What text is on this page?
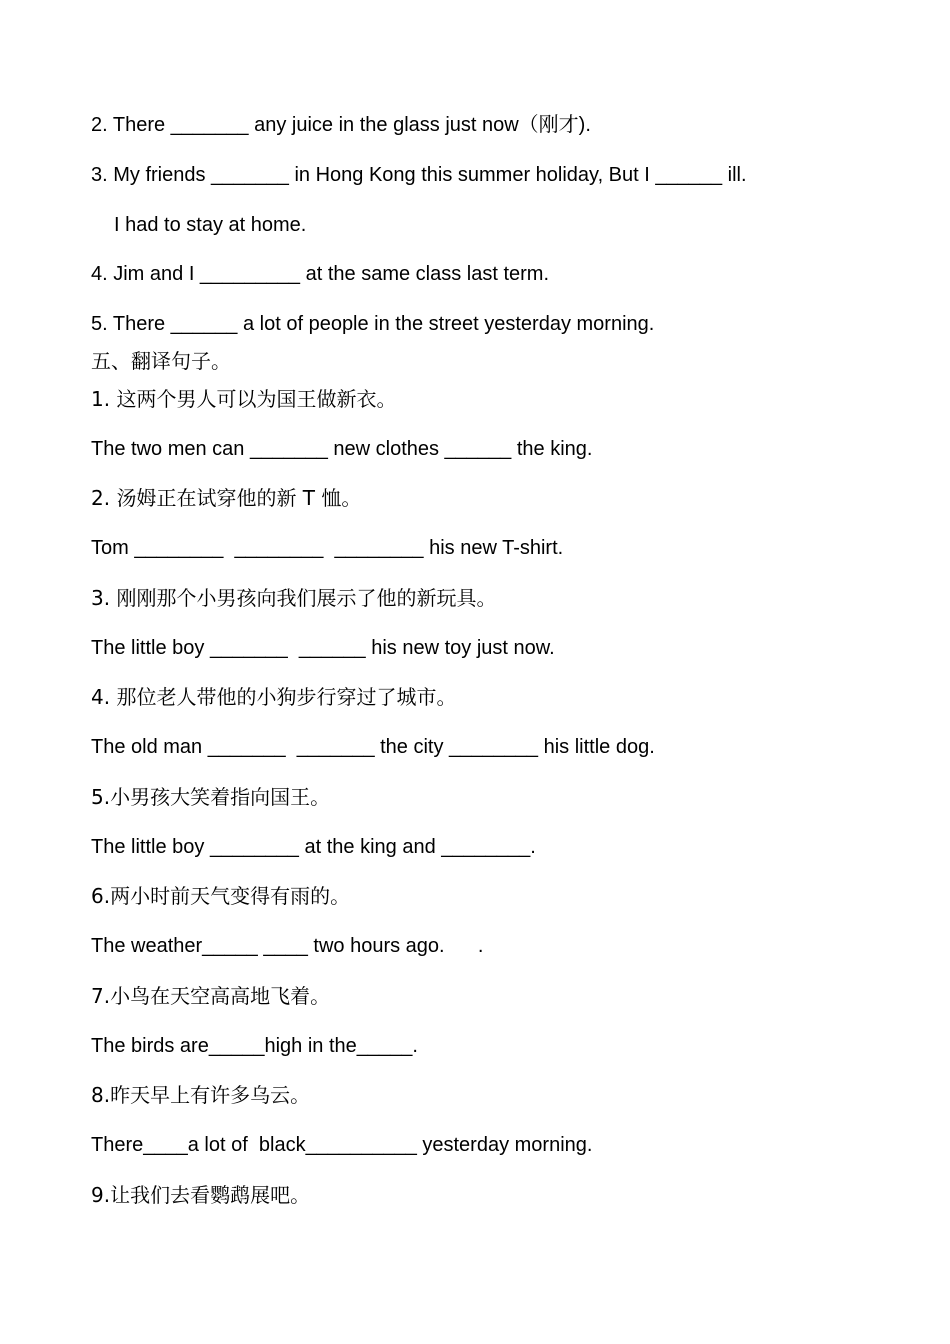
2. There _______ any juice in the glass just now（刚才).
3. My friends _______ in Hong Kong this summer holiday, But I ______ ill.
I had to stay at home.
4. Jim and I _________ at the same class last term.
5. There ______ a lot of people in the street yesterday morning.
五、翻译句子。
1. 这两个男人可以为国王做新衣。
The two men can _______ new clothes ______ the king.
2. 汤姆正在试穿他的新 T 恤。
Tom ________  ________  ________ his new T-shirt.
3. 刚刚那个小男孩向我们展示了他的新玩具。
The little boy _______  ______ his new toy just now.
4. 那位老人带他的小狗步行穿过了城市。
The old man _______  _______ the city ________ his little dog.
5.小男孩大笑着指向国王。
The little boy ________ at the king and ________.
6.两小时前天气变得有雨的。
The weather_____ ____ two hours ago.      .
7.小鸟在天空高高地飞着。
The birds are_____high in the_____.
8.昨天早上有许多乌云。
There____a lot of  black__________ yesterday morning.
9.让我们去看鹦鹉展吧。
